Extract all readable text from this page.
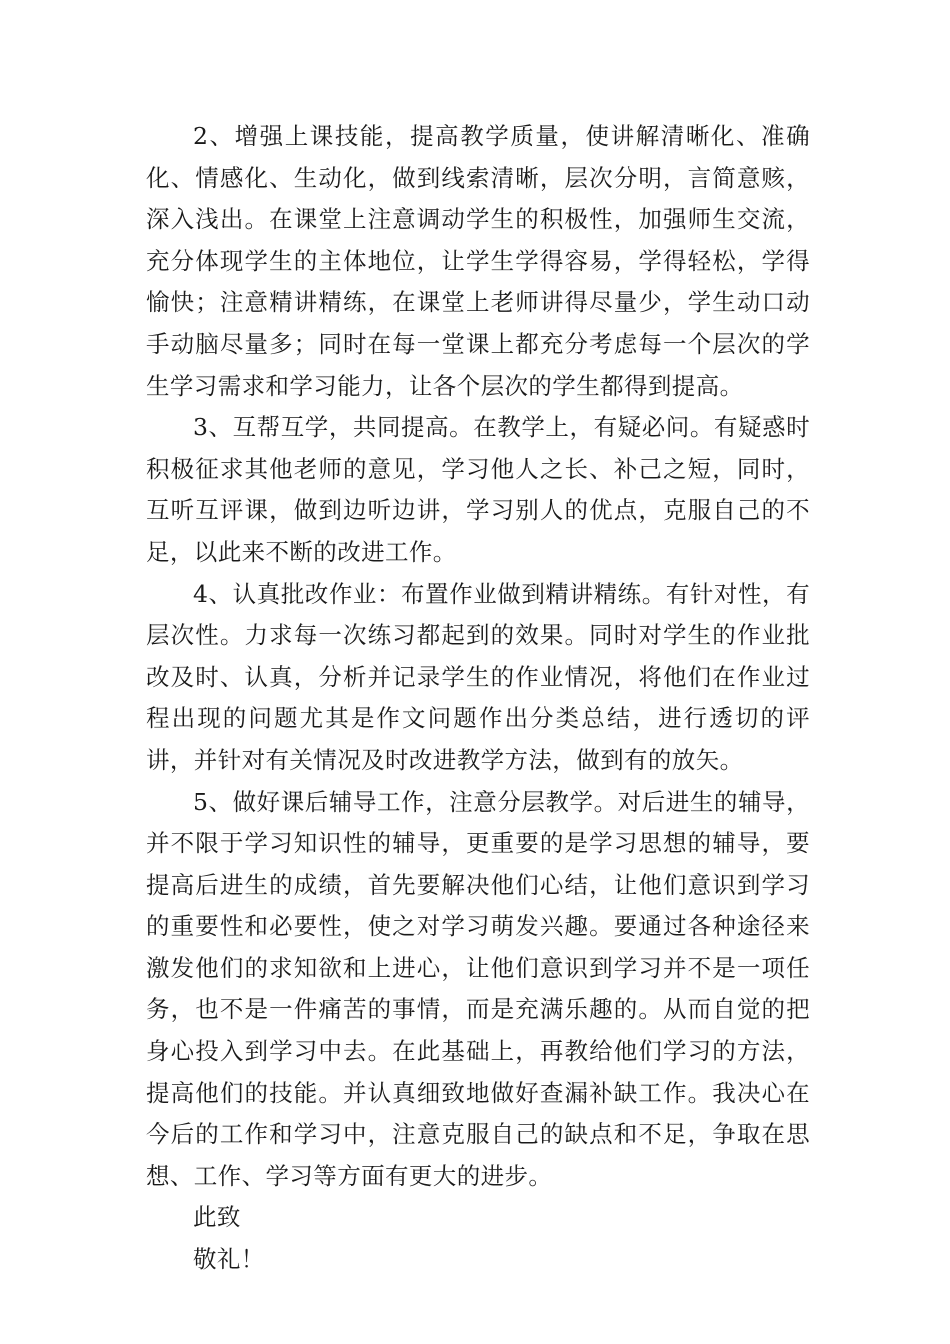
2、增强上课技能，提高教学质量，使讲解清晰化、准确化、情感化、生动化，做到线索清晰，层次分明，言简意赅，深入浅出。在课堂上注意调动学生的积极性，加强师生交流，充分体现学生的主体地位，让学生学得容易，学得轻松，学得愉快；注意精讲精练，在课堂上老师讲得尽量少，学生动口动手动脑尽量多；同时在每一堂课上都充分考虑每一个层次的学生学习需求和学习能力，让各个层次的学生都得到提高。

3、互帮互学，共同提高。在教学上，有疑必问。有疑惑时积极征求其他老师的意见，学习他人之长、补己之短，同时，互听互评课，做到边听边讲，学习别人的优点，克服自己的不足，以此来不断的改进工作。

4、认真批改作业：布置作业做到精讲精练。有针对性，有层次性。力求每一次练习都起到的效果。同时对学生的作业批改及时、认真，分析并记录学生的作业情况，将他们在作业过程出现的问题尤其是作文问题作出分类总结，进行透切的评讲，并针对有关情况及时改进教学方法，做到有的放矢。

5、做好课后辅导工作，注意分层教学。对后进生的辅导，并不限于学习知识性的辅导，更重要的是学习思想的辅导，要提高后进生的成绩，首先要解决他们心结，让他们意识到学习的重要性和必要性，使之对学习萌发兴趣。要通过各种途径来激发他们的求知欲和上进心，让他们意识到学习并不是一项任务，也不是一件痛苦的事情，而是充满乐趣的。从而自觉的把身心投入到学习中去。在此基础上，再教给他们学习的方法，提高他们的技能。并认真细致地做好查漏补缺工作。我决心在今后的工作和学习中，注意克服自己的缺点和不足，争取在思想、工作、学习等方面有更大的进步。

此致

敬礼！
